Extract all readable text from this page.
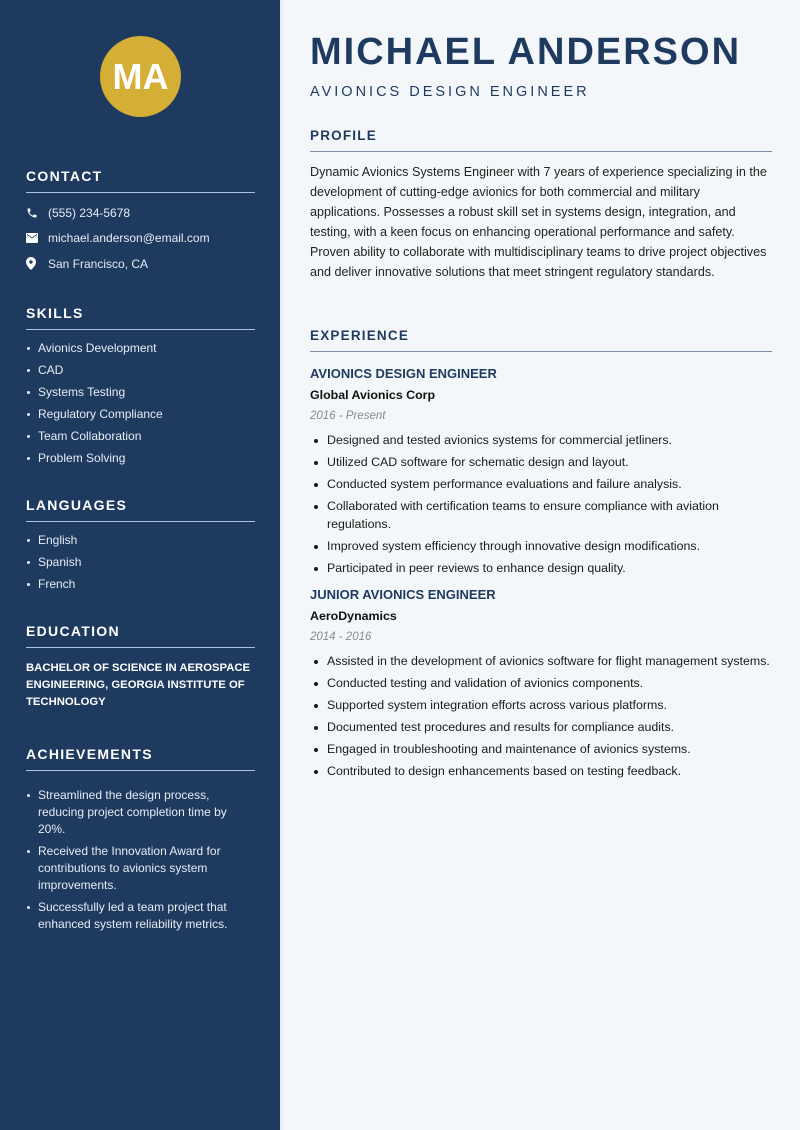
MA
CONTACT
(555) 234-5678
michael.anderson@email.com
San Francisco, CA
SKILLS
Avionics Development
CAD
Systems Testing
Regulatory Compliance
Team Collaboration
Problem Solving
LANGUAGES
English
Spanish
French
EDUCATION
BACHELOR OF SCIENCE IN AEROSPACE ENGINEERING, GEORGIA INSTITUTE OF TECHNOLOGY
ACHIEVEMENTS
Streamlined the design process, reducing project completion time by 20%.
Received the Innovation Award for contributions to avionics system improvements.
Successfully led a team project that enhanced system reliability metrics.
MICHAEL ANDERSON
AVIONICS DESIGN ENGINEER
PROFILE

Dynamic Avionics Systems Engineer with 7 years of experience specializing in the development of cutting-edge avionics for both commercial and military applications. Possesses a robust skill set in systems design, integration, and testing, with a keen focus on enhancing operational performance and safety. Proven ability to collaborate with multidisciplinary teams to drive project objectives and deliver innovative solutions that meet stringent regulatory standards.

EXPERIENCE
AVIONICS DESIGN ENGINEER
Global Avionics Corp
2016 - Present
Designed and tested avionics systems for commercial jetliners.
Utilized CAD software for schematic design and layout.
Conducted system performance evaluations and failure analysis.
Collaborated with certification teams to ensure compliance with aviation regulations.
Improved system efficiency through innovative design modifications.
Participated in peer reviews to enhance design quality.
JUNIOR AVIONICS ENGINEER
AeroDynamics
2014 - 2016
Assisted in the development of avionics software for flight management systems.
Conducted testing and validation of avionics components.
Supported system integration efforts across various platforms.
Documented test procedures and results for compliance audits.
Engaged in troubleshooting and maintenance of avionics systems.
Contributed to design enhancements based on testing feedback.
